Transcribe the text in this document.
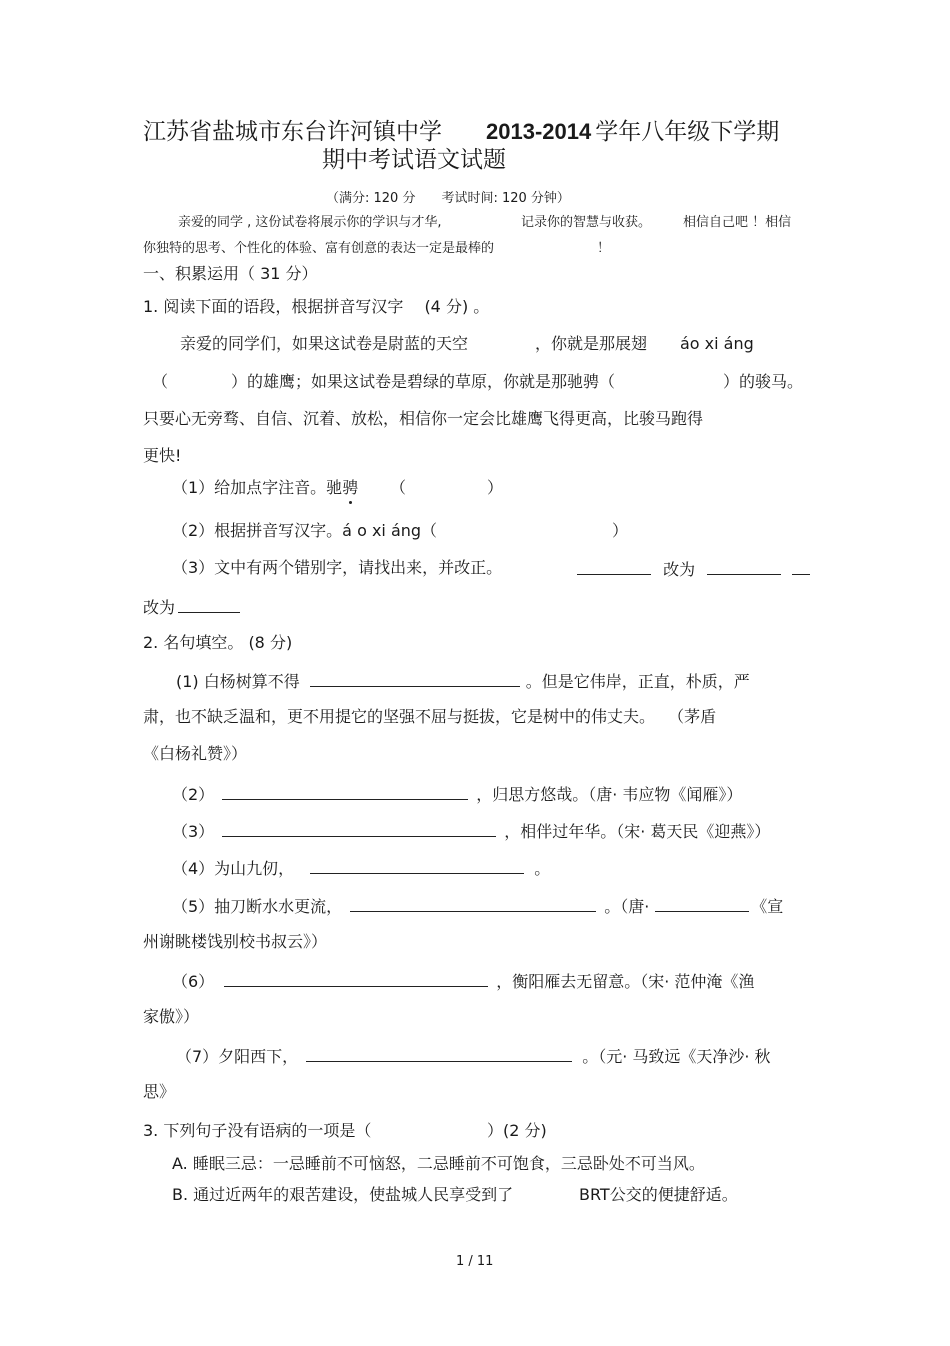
江苏省盐城市东台许河镇中学 2013-2014 学年八年级下学期
期中考试语文试题
（满分: 120 分　　考试时间: 120 分钟）
亲爱的同学 , 这份试卷将展示你的学识与才华,	记录你的智慧与收获。 相信自己吧 ！相信
你独特的思考、个性化的体验、富有创意的表达一定是最棒的	！
一、积累运用（ 31 分）
1. 阅读下面的语段，根据拼音写汉字　 (4 分) 。
亲爱的同学们，如果这试卷是尉蓝的天空	，你就是那展翅 áo xi áng
（	）的雄鹰；如果这试卷是碧绿的草原，你就是那驰骋（	）的骏马。
只要心无旁骛、自信、沉着、放松，相信你一定会比雄鹰飞得更高，比骏马跑得
更快!
（1）给加点字注音。驰骋 （	）
（2）根据拼音写汉字。á o xi áng（	）
（3）文中有两个错别字，请找出来，并改正。	改为
改为
2. 名句填空。 (8 分)
(1) 白杨树算不得	。但是它伟岸，正直，朴质，严
肃，也不缺乏温和，更不用提它的坚强不屈与挺拔，它是树中的伟丈夫。　 （茅盾
《白杨礼赞》）
（2）	，归思方悠哉。（唐· 韦应物《闻雁》）
（3）	，相伴过年华。（宋· 葛天民《迎燕》）
（4）为山九仞，	。
（5）抽刀断水水更流，	。（唐·	《宣
州谢眺楼饯别校书叔云》）
（6）	，衡阳雁去无留意。（宋· 范仲淹《渔
家傲》）
（7）夕阳西下，	。（元· 马致远《天净沙· 秋
思》
3. 下列句子没有语病的一项是（	）(2 分)
A. 睡眠三忌：一忌睡前不可恼怒，二忌睡前不可饱食，三忌卧处不可当风。
B. 通过近两年的艰苦建设，使盐城人民享受到了	BRT公交的便捷舒适。
1 / 11
